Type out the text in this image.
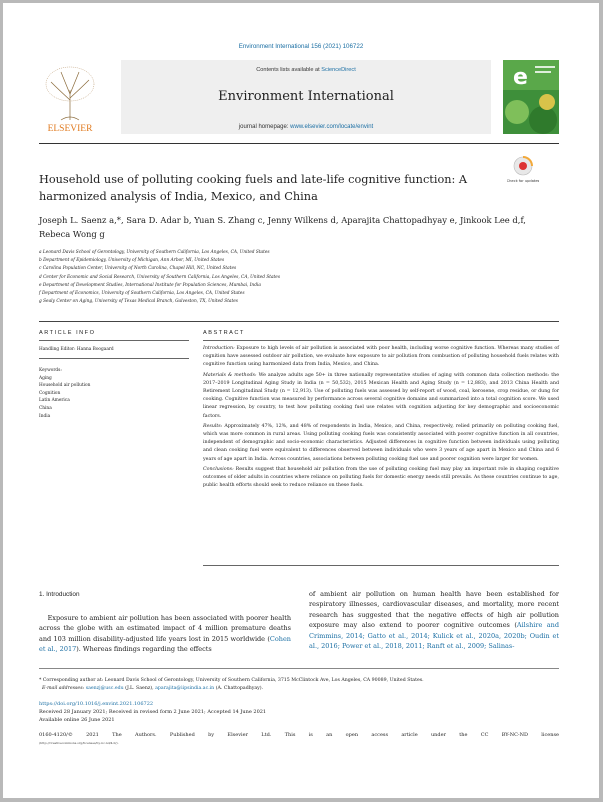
Environment International 156 (2021) 106722
ELSEVIER
Contents lists available at ScienceDirect
Environment International
journal homepage: www.elsevier.com/locate/envint
e
Check for updates
Household use of polluting cooking fuels and late-life cognitive function: A harmonized analysis of India, Mexico, and China
Joseph L. Saenz a,*, Sara D. Adar b, Yuan S. Zhang c, Jenny Wilkens d, Aparajita Chattopadhyay e, Jinkook Lee d,f, Rebeca Wong g
a Leonard Davis School of Gerontology, University of Southern California, Los Angeles, CA, United States
b Department of Epidemiology, University of Michigan, Ann Arbor, MI, United States
c Carolina Population Center, University of North Carolina, Chapel Hill, NC, United States
d Center for Economic and Social Research, University of Southern California, Los Angeles, CA, United States
e Department of Development Studies, International Institute for Population Sciences, Mumbai, India
f Department of Economics, University of Southern California, Los Angeles, CA, United States
g Sealy Center on Aging, University of Texas Medical Branch, Galveston, TX, United States
ARTICLE INFO	ABSTRACT
Handling Editor: Hanna Boogaard
Keywords:
Aging
Household air pollution
Cognition
Latin America
China
India

Introduction: Exposure to high levels of air pollution is associated with poor health, including worse cognitive function. Whereas many studies of cognition have assessed outdoor air pollution, we evaluate how exposure to air pollution from combustion of polluting household fuels relates with cognitive function using harmonized data from India, Mexico, and China.

Materials & methods: We analyze adults age 50+ in three nationally representative studies of aging with common data collection methods: the 2017–2019 Longitudinal Aging Study in India (n = 50,532), 2015 Mexican Health and Aging Study (n = 12,883), and 2013 China Health and Retirement Longitudinal Study (n = 12,913). Use of polluting fuels was assessed by self-report of wood, coal, kerosene, crop residue, or dung for cooking. Cognitive function was measured by performance across several cognitive domains and summarized into a total cognition score. We used linear regression, by country, to test how polluting cooking fuel use relates with cognition adjusting for key demographic and socioeconomic factors.

Results: Approximately 47%, 12%, and 48% of respondents in India, Mexico, and China, respectively, relied primarily on polluting cooking fuel, which was more common in rural areas. Using polluting cooking fuels was consistently associated with poorer cognitive function in all countries, independent of demographic and socio-economic characteristics. Adjusted differences in cognitive function between individuals using polluting and clean cooking fuel were equivalent to differences observed between individuals who were 3 years of age apart in Mexico and China and 6 years of age apart in India. Across countries, associations between polluting cooking fuel use and poorer cognition were larger for women.

Conclusions: Results suggest that household air pollution from the use of polluting cooking fuel may play an important role in shaping cognitive outcomes of older adults in countries where reliance on polluting fuels for domestic energy needs still prevails. As these countries continue to age, public health efforts should seek to reduce reliance on these fuels.

1. Introduction
Exposure to ambient air pollution has been associated with poorer health across the globe with an estimated impact of 4 million premature deaths and 103 million disability-adjusted life years lost in 2015 worldwide (Cohen et al., 2017). Whereas findings regarding the effects
of ambient air pollution on human health have been established for respiratory illnesses, cardiovascular diseases, and mortality, more recent research has suggested that the negative effects of high air pollution exposure may also extend to poorer cognitive outcomes (Ailshire and Crimmins, 2014; Gatto et al., 2014; Kulick et al., 2020a, 2020b; Oudin et al., 2016; Power et al., 2018, 2011; Ranft et al., 2009; Salinas-
* Corresponding author at: Leonard Davis School of Gerontology, University of Southern California, 3715 McClintock Ave, Los Angeles, CA 90089, United States.
E-mail addresses: saenzj@usc.edu (J.L. Saenz), aparajita@iipsindia.ac.in (A. Chattopadhyay).
https://doi.org/10.1016/j.envint.2021.106722
Received 28 January 2021; Received in revised form 2 June 2021; Accepted 14 June 2021
Available online 26 June 2021
0160-4120/© 2021 The Authors. Published by Elsevier Ltd. This is an open access article under the CC BY-NC-ND license
(http://creativecommons.org/licenses/by-nc-nd/4.0/).
